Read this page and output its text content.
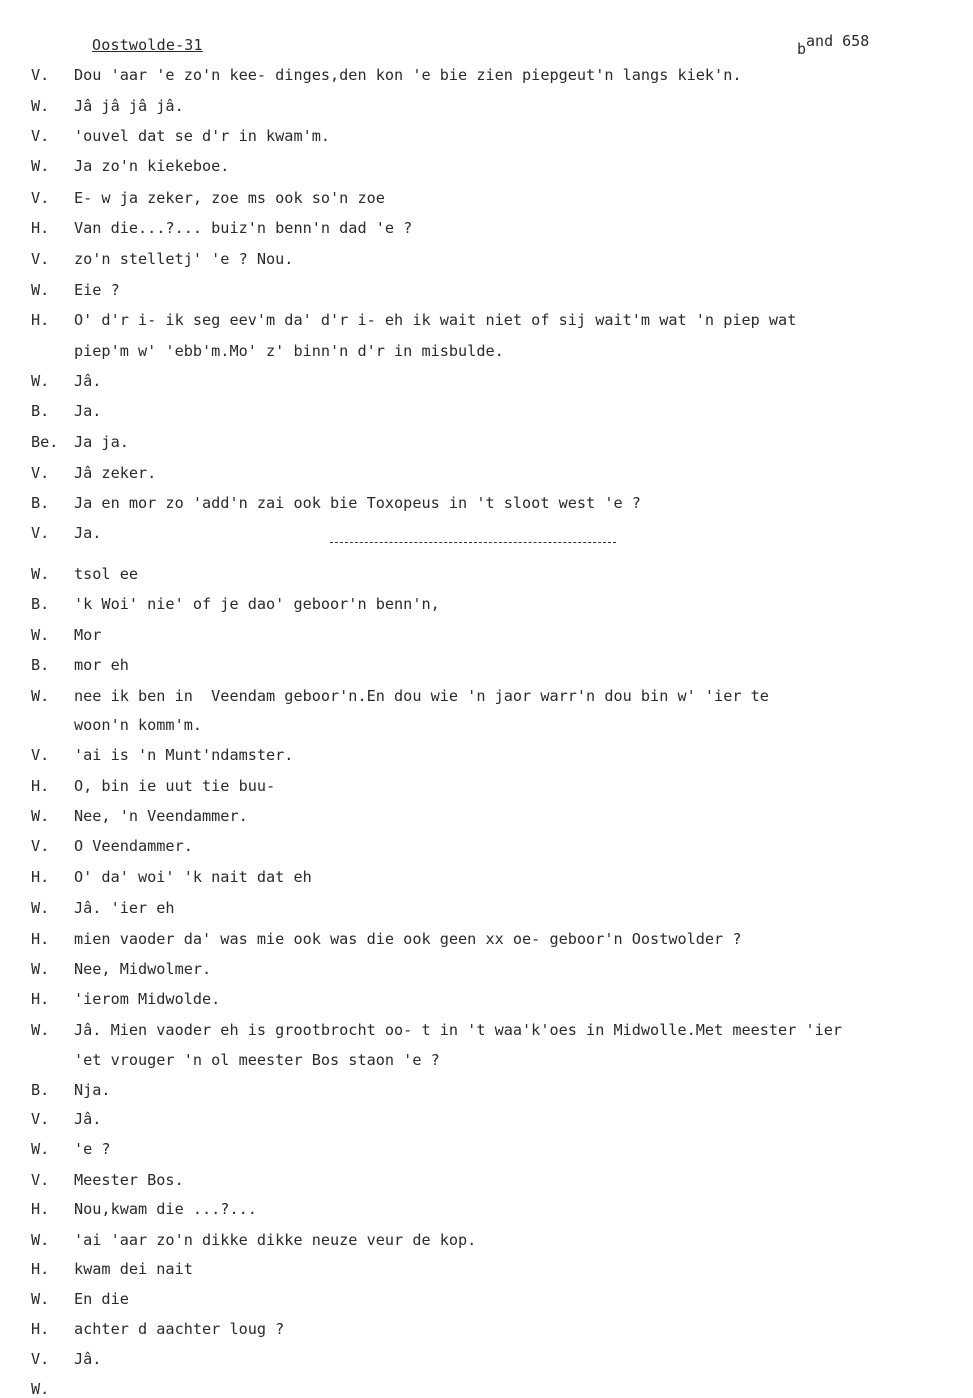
Oostwolde-31	band 658
V. Dou 'aar 'e zo'n kee- dinges,den kon 'e bie zien piepgeut'n langs kiek'n.
W. Jâ jâ jâ jâ.
V. 'ouvel dat se d'r in kwam'm.
W. Ja zo'n kiekeboe.
V. E- w ja zeker, zoe ms ook so'n zoe
H. Van die...?... buiz'n benn'n dad 'e ?
V. zo'n stelletj' 'e ? Nou.
W. Eie ?
H. O' d'r i- ik seg eev'm da' d'r i- eh ik wait niet of sij wait'm wat 'n piep wat
piep'm w' 'ebb'm.Mo' z' binn'n d'r in misbulde.
W. Jâ.
B. Ja.
Be. Ja ja.
V. Jâ zeker.
B. Ja en mor zo 'add'n zai ook bie Toxopeus in 't sloot west 'e ?
V. Ja.
W. tsol ee
B. 'k Woi' nie' of je dao' geboor'n benn'n,
W. Mor
B. mor eh
W. nee ik ben in  Veendam geboor'n.En dou wie 'n jaor warr'n dou bin w' 'ier te
woon'n komm'm.
V. 'ai is 'n Munt'ndamster.
H. O, bin ie uut tie buu-
W. Nee, 'n Veendammer.
V. O Veendammer.
H. O' da' woi' 'k nait dat eh
W. Jâ. 'ier eh
H. mien vaoder da' was mie ook was die ook geen xx oe- geboor'n Oostwolder ?
W. Nee, Midwolmer.
H. 'ierom Midwolde.
W. Jâ. Mien vaoder eh is grootbrocht oo- t in 't waa'k'oes in Midwolle.Met meester 'ier
'et vrouger 'n ol meester Bos staon 'e ?
B. Nja.
V. Jâ.
W. 'e ?
V. Meester Bos.
H. Nou,kwam die ...?...
W. 'ai 'aar zo'n dikke dikke neuze veur de kop.
H. kwam dei nait
W. En die
H. achter d aachter loug ?
V. Jâ.
W.
